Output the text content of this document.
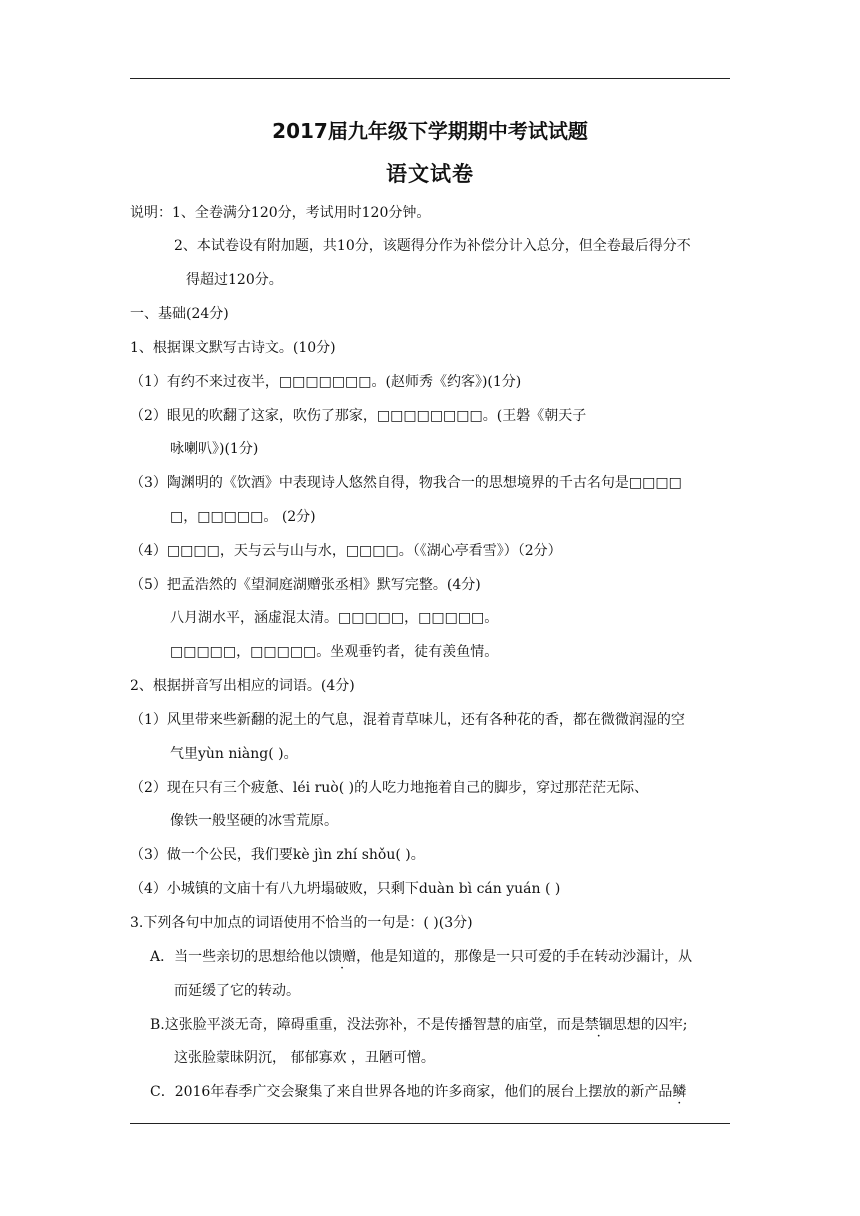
2017届九年级下学期期中考试试题
语文试卷
说明：1、全卷满分120分，考试用时120分钟。
2、本试卷设有附加题，共10分，该题得分作为补偿分计入总分，但全卷最后得分不
得超过120分。
一、基础(24分)
1、根据课文默写古诗文。(10分)
（1）有约不来过夜半，□□□□□□□。(赵师秀《约客》)(1分)
（2）眼见的吹翻了这家，吹伤了那家，□□□□□□□□。(王磐《朝天子
咏喇叭》)(1分)
（3）陶渊明的《饮酒》中表现诗人悠然自得，物我合一的思想境界的千古名句是□□□□
□，□□□□□。 (2分)
（4）□□□□，天与云与山与水，□□□□。（《湖心亭看雪》）（2分）
（5）把孟浩然的《望洞庭湖赠张丞相》默写完整。(4分)
八月湖水平，涵虚混太清。□□□□□，□□□□□。
□□□□□，□□□□□。坐观垂钓者，徒有羡鱼情。
2、根据拼音写出相应的词语。(4分)
（1）风里带来些新翻的泥土的气息，混着青草味儿，还有各种花的香，都在微微润湿的空
气里yùn niàng( )。
（2）现在只有三个疲惫、léi ruò( )的人吃力地拖着自己的脚步，穿过那茫茫无际、
像铁一般坚硬的冰雪荒原。
（3）做一个公民，我们要kè jìn zhí shǒu( )。
（4）小城镇的文庙十有八九坍塌破败，只剩下duàn bì cán yuán ( )
3.下列各句中加点的词语使用不恰当的一句是：( )(3分)
A．当一些亲切的思想给他以馈赠，他是知道的，那像是一只可爱的手在转动沙漏计，从
而延缓了它的转动。
B.这张脸平淡无奇，障碍重重，没法弥补，不是传播智慧的庙堂，而是禁锢思想的囚牢;
这张脸蒙昧阴沉， 郁郁寡欢 ，丑陋可憎。
C．2016年春季广交会聚集了来自世界各地的许多商家，他们的展台上摆放的新产品鳞
